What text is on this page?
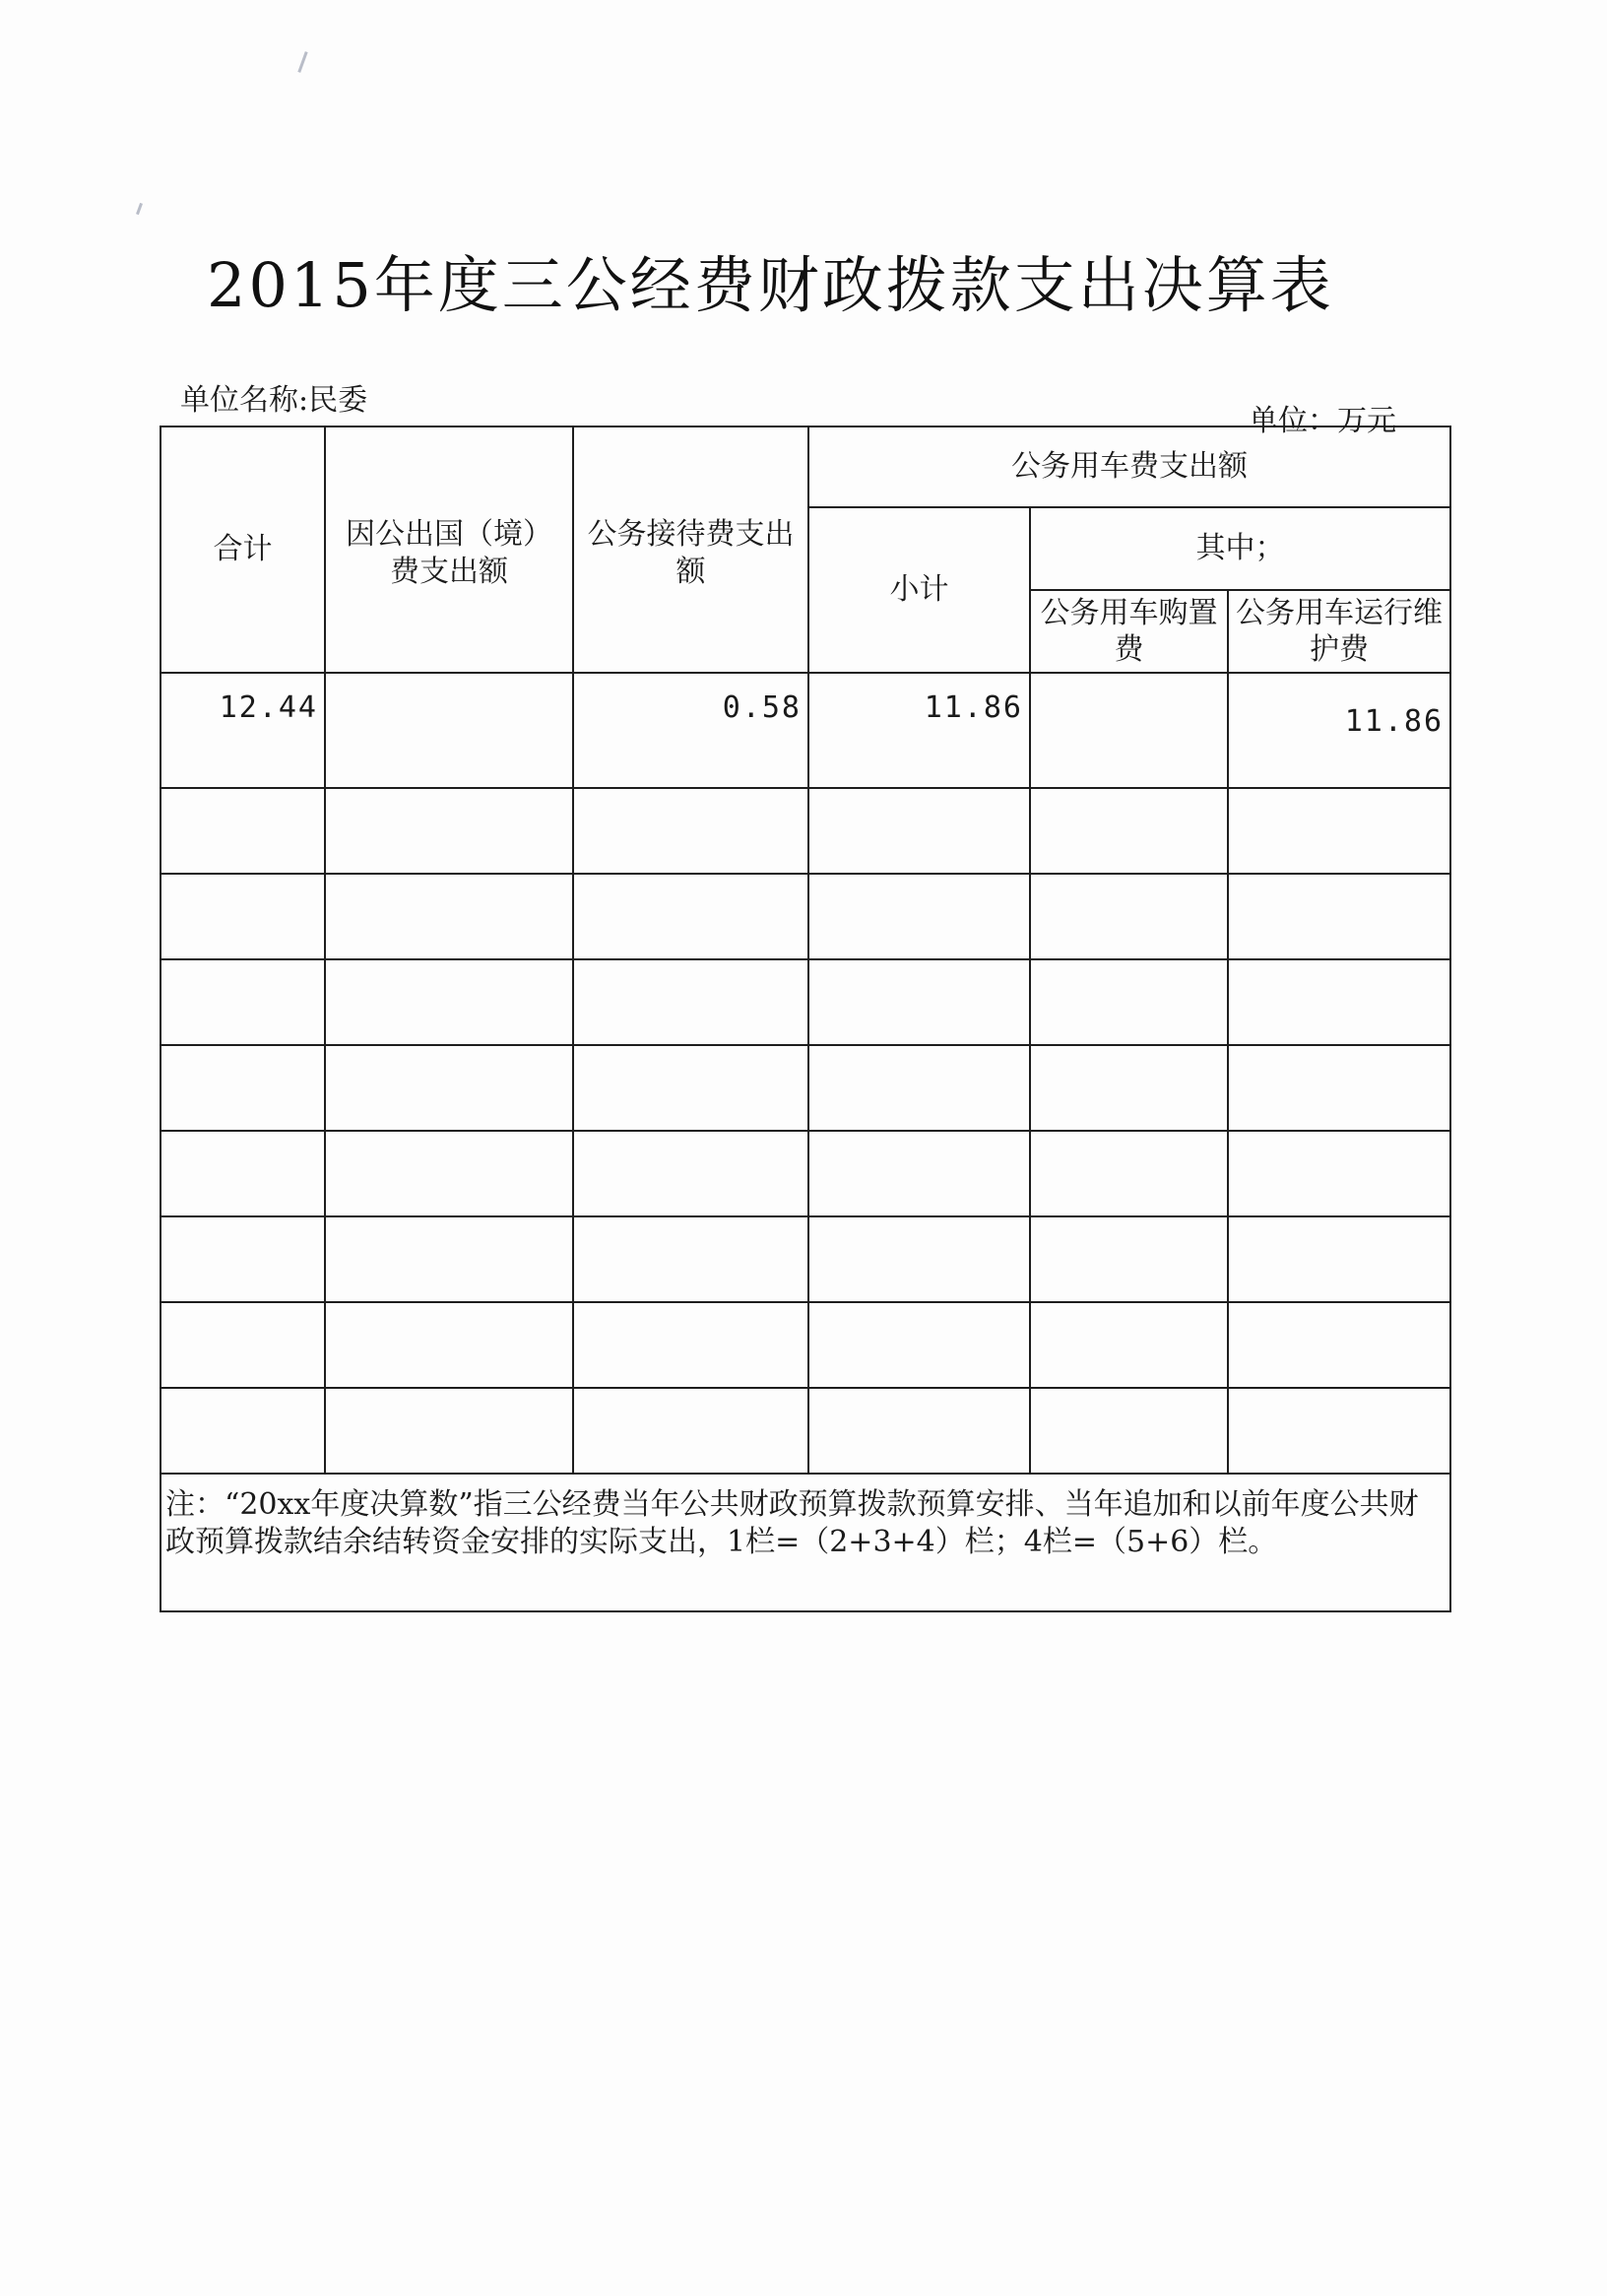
2015年度三公经费财政拨款支出决算表
单位名称:民委
单位：万元
合计	因公出国（境）费支出额	公务接待费支出额	公务用车费支出额		
			小计	其中；	
				公务用车购置费	公务用车运行维护费
12.44		0.58	11.86		11.86

注：“20xx年度决算数”指三公经费当年公共财政预算拨款预算安排、当年追加和以前年度公共财政预算拨款结余结转资金安排的实际支出，1栏=（2+3+4）栏；4栏=（5+6）栏。					
